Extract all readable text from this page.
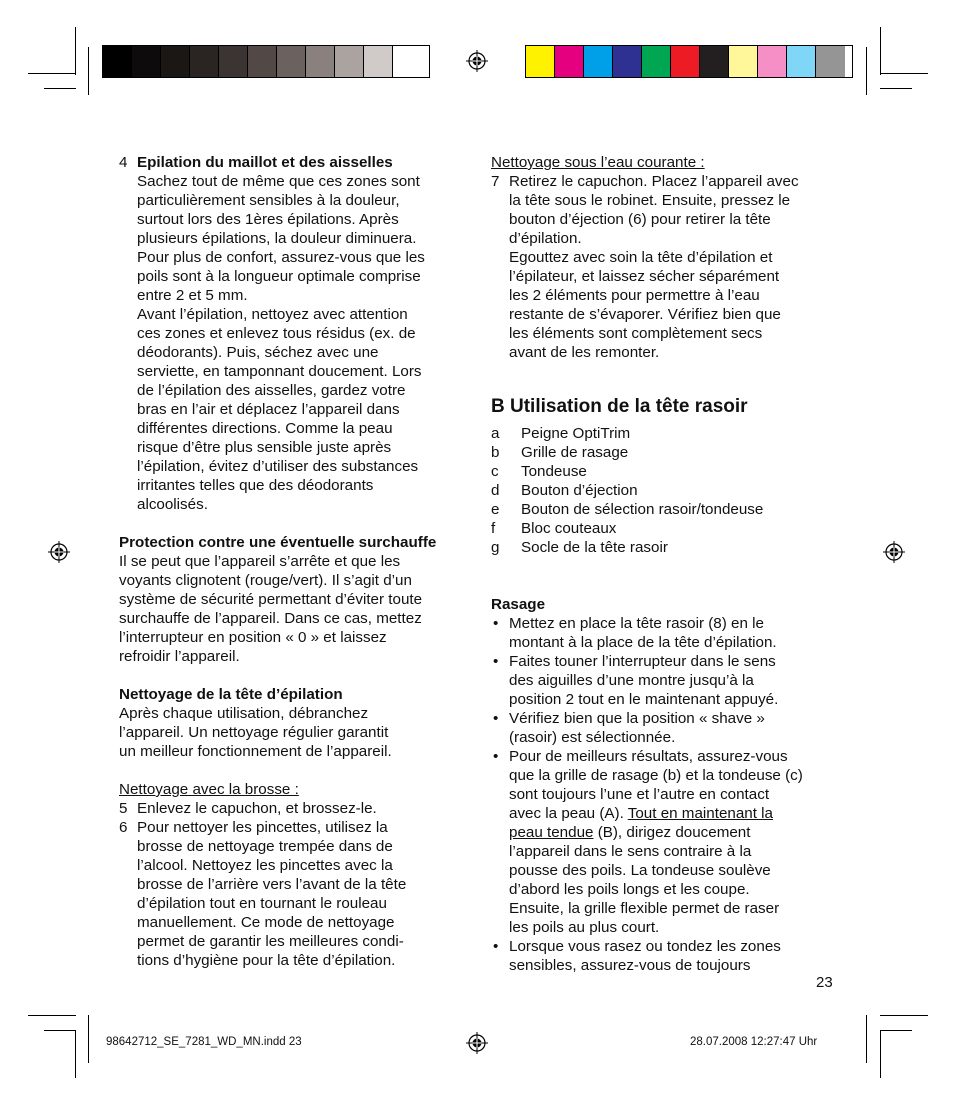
4 Epilation du maillot et des aisselles
Sachez tout de même que ces zones sont
particulièrement sensibles à la douleur,
surtout lors des 1ères épilations. Après
plusieurs épilations, la douleur diminuera.
Pour plus de confort, assurez-vous que les
poils sont à la longueur optimale comprise
entre 2 et 5 mm.
Avant l’épilation, nettoyez avec attention
ces zones et enlevez tous résidus (ex. de
déodorants). Puis, séchez avec une
serviette, en tamponnant doucement. Lors
de l’épilation des aisselles, gardez votre
bras en l’air et déplacez l’appareil dans
différentes directions. Comme la peau
risque d’être plus sensible juste après
l’épilation, évitez d’utiliser des substances
irritantes telles que des déodorants
alcoolisés.
Protection contre une éventuelle surchauffe
Il se peut que l’appareil s’arrête et que les
voyants clignotent (rouge/vert). Il s’agit d’un
système de sécurité permettant d’éviter toute
surchauffe de l’appareil. Dans ce cas, mettez
l’interrupteur en position « 0 » et laissez
refroidir l’appareil.
Nettoyage de la tête d’épilation
Après chaque utilisation, débranchez
l’appareil. Un nettoyage régulier garantit
un meilleur fonctionnement de l’appareil.
Nettoyage avec la brosse :
5 Enlevez le capuchon, et brossez-le.
6 Pour nettoyer les pincettes, utilisez la
brosse de nettoyage trempée dans de
l’alcool. Nettoyez les pincettes avec la
brosse de l’arrière vers l’avant de la tête
d’épilation tout en tournant le rouleau
manuellement. Ce mode de nettoyage
permet de garantir les meilleures condi-
tions d’hygiène pour la tête d’épilation.
Nettoyage sous l’eau courante :
7 Retirez le capuchon. Placez l’appareil avec
la tête sous le robinet. Ensuite, pressez le
bouton d’éjection (6) pour retirer la tête
d’épilation.
Egouttez avec soin la tête d’épilation et
l’épilateur, et laissez sécher séparément
les 2 éléments pour permettre à l’eau
restante de s’évaporer. Vérifiez bien que
les éléments sont complètement secs
avant de les remonter.
B Utilisation de la tête rasoir
a	Peigne OptiTrim
b	Grille de rasage
c	Tondeuse
d	Bouton d’éjection
e	Bouton de sélection rasoir/tondeuse
f	Bloc couteaux
g	Socle de la tête rasoir
Rasage
• Mettez en place la tête rasoir (8) en le
montant à la place de la tête d’épilation.
• Faites touner l’interrupteur dans le sens
des aiguilles d’une montre jusqu’à la
position 2 tout en le maintenant appuyé.
• Vérifiez bien que la position « shave »
(rasoir) est sélectionnée.
• Pour de meilleurs résultats, assurez-vous
que la grille de rasage (b) et la tondeuse (c)
sont toujours l’une et l’autre en contact
avec la peau (A). Tout en maintenant la
peau tendue (B), dirigez doucement
l’appareil dans le sens contraire à la
pousse des poils. La tondeuse soulève
d’abord les poils longs et les coupe.
Ensuite, la grille flexible permet de raser
les poils au plus court.
• Lorsque vous rasez ou tondez les zones
sensibles, assurez-vous de toujours
23
98642712_SE_7281_WD_MN.indd 23	28.07.2008 12:27:47 Uhr
